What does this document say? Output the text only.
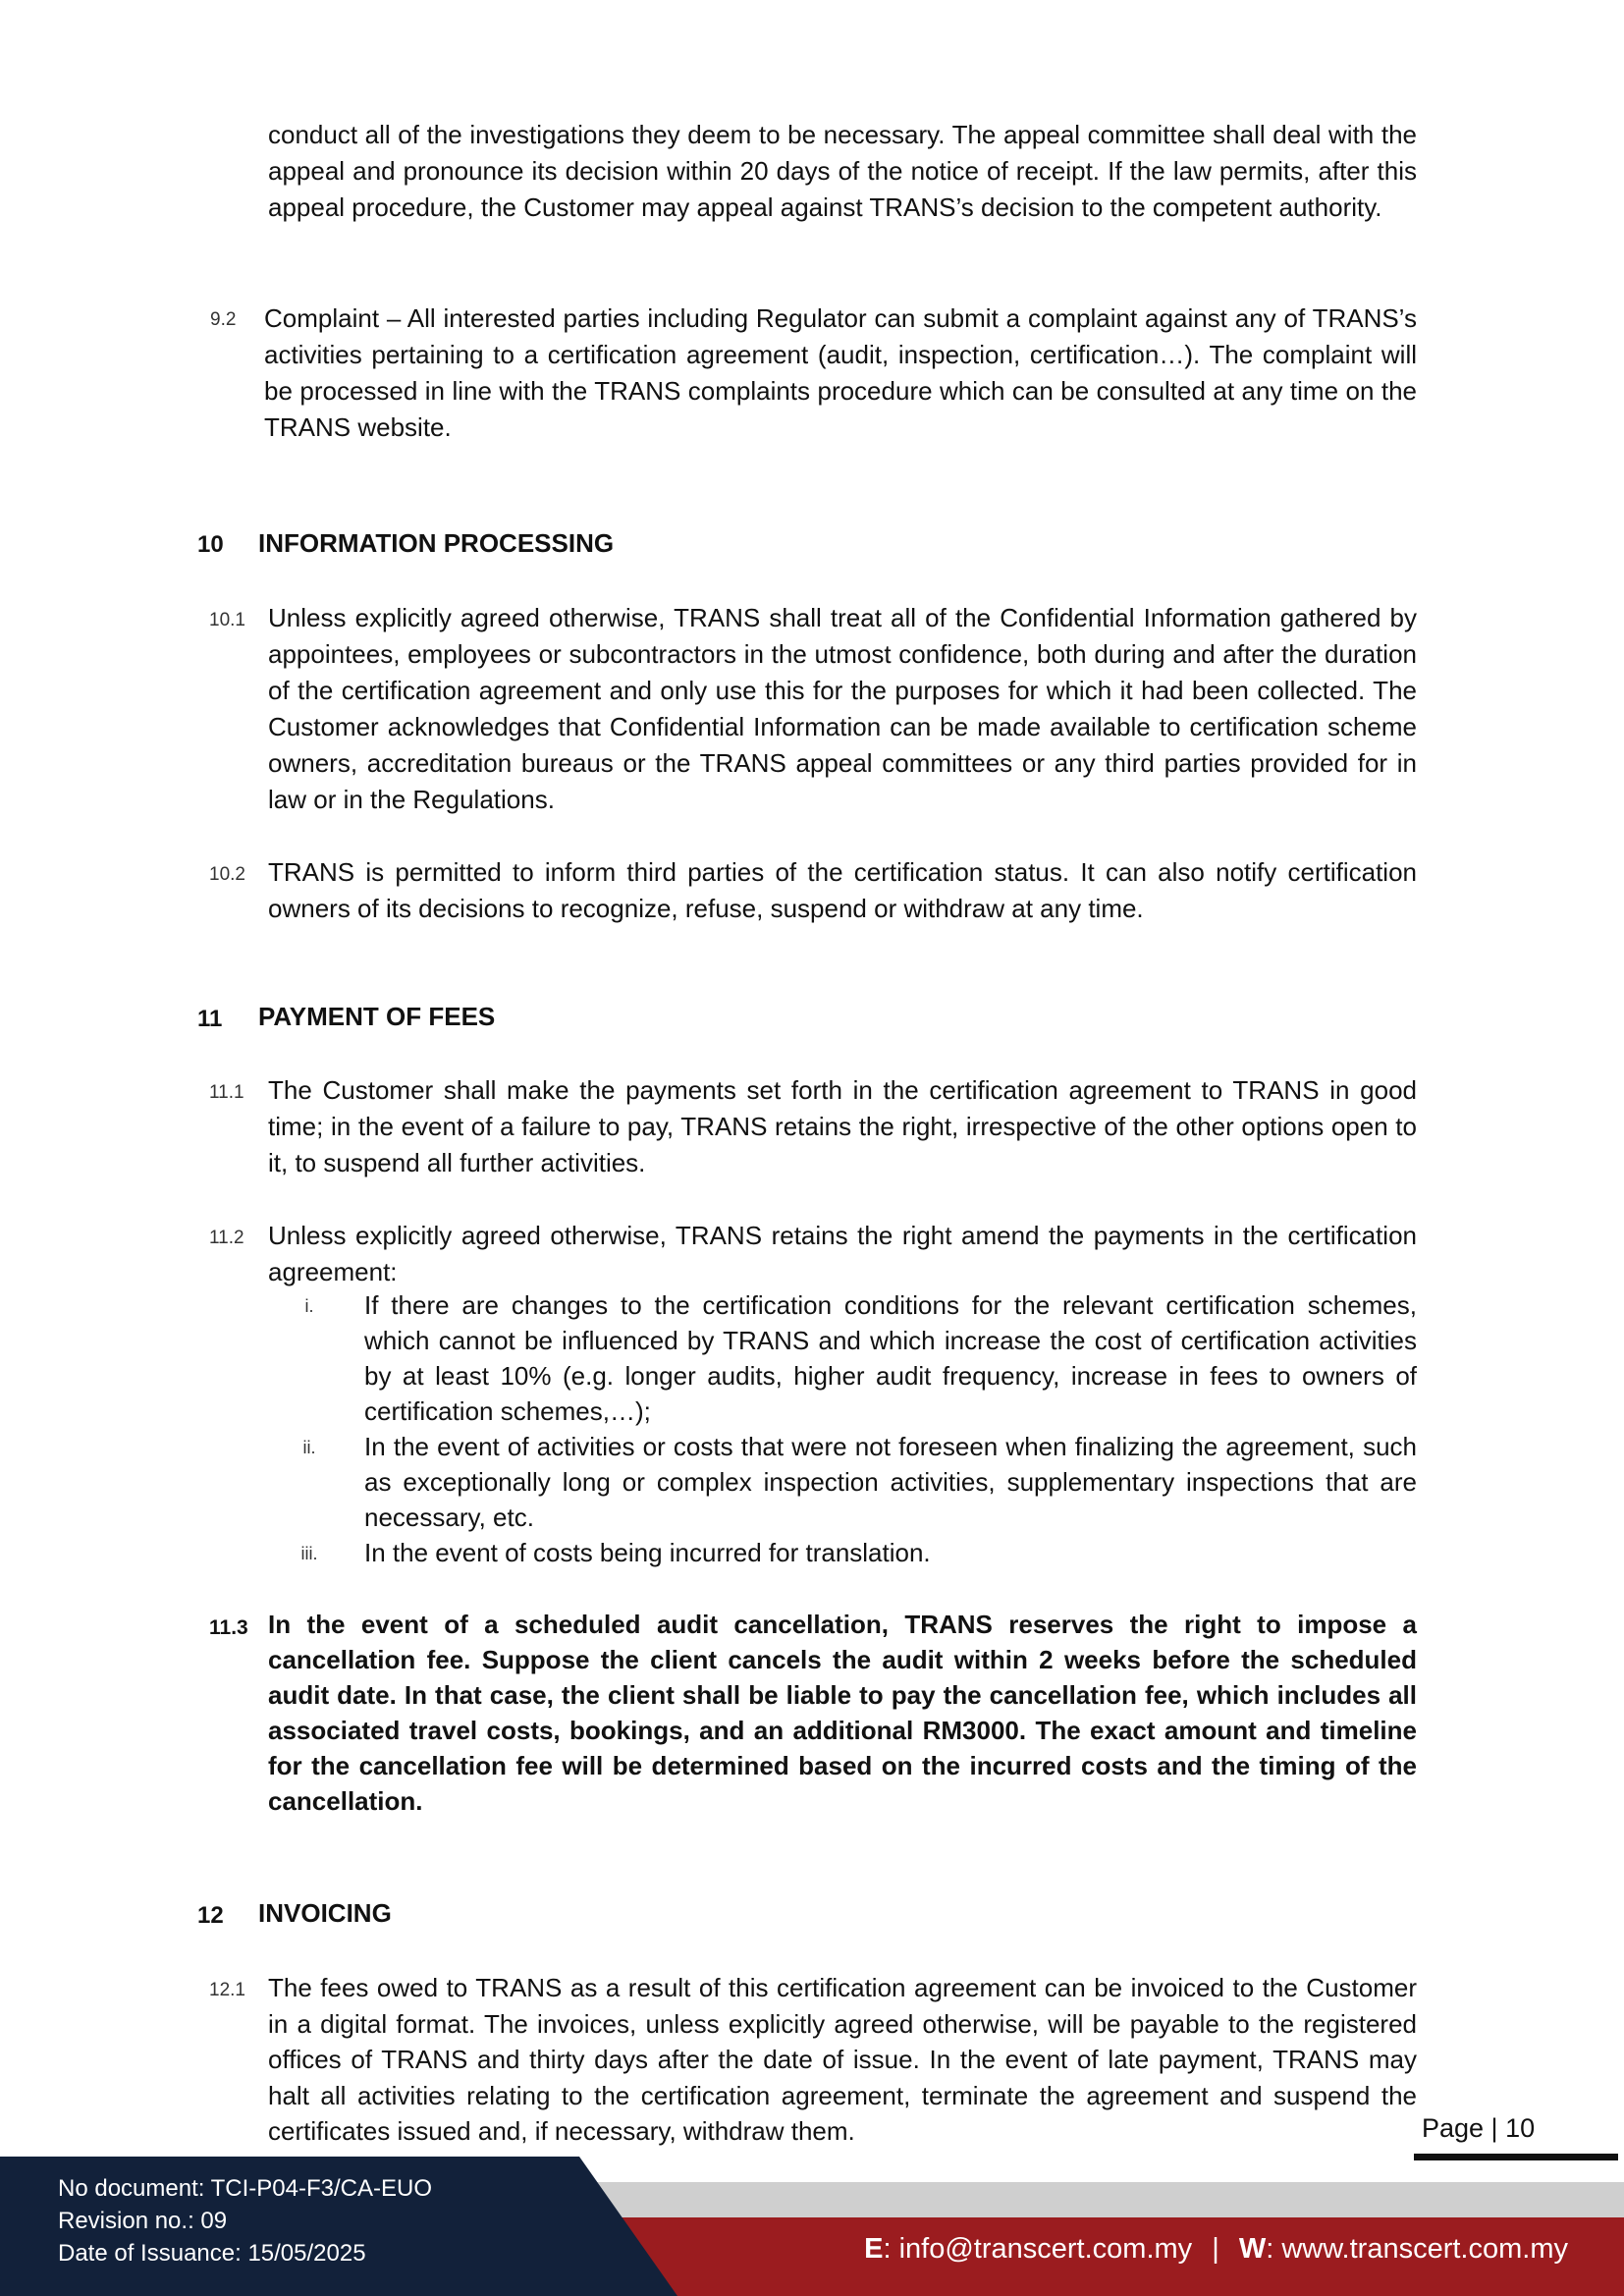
conduct all of the investigations they deem to be necessary. The appeal committee shall deal with the appeal and pronounce its decision within 20 days of the notice of receipt. If the law permits, after this appeal procedure, the Customer may appeal against TRANS’s decision to the competent authority.
9.2 Complaint – All interested parties including Regulator can submit a complaint against any of TRANS’s activities pertaining to a certification agreement (audit, inspection, certification…). The complaint will be processed in line with the TRANS complaints procedure which can be consulted at any time on the TRANS website.
10 INFORMATION PROCESSING
10.1 Unless explicitly agreed otherwise, TRANS shall treat all of the Confidential Information gathered by appointees, employees or subcontractors in the utmost confidence, both during and after the duration of the certification agreement and only use this for the purposes for which it had been collected. The Customer acknowledges that Confidential Information can be made available to certification scheme owners, accreditation bureaus or the TRANS appeal committees or any third parties provided for in law or in the Regulations.
10.2 TRANS is permitted to inform third parties of the certification status. It can also notify certification owners of its decisions to recognize, refuse, suspend or withdraw at any time.
11 PAYMENT OF FEES
11.1 The Customer shall make the payments set forth in the certification agreement to TRANS in good time; in the event of a failure to pay, TRANS retains the right, irrespective of the other options open to it, to suspend all further activities.
11.2 Unless explicitly agreed otherwise, TRANS retains the right amend the payments in the certification agreement:
i.	If there are changes to the certification conditions for the relevant certification schemes, which cannot be influenced by TRANS and which increase the cost of certification activities by at least 10% (e.g. longer audits, higher audit frequency, increase in fees to owners of certification schemes,…);
ii.	In the event of activities or costs that were not foreseen when finalizing the agreement, such as exceptionally long or complex inspection activities, supplementary inspections that are necessary, etc.
iii. In the event of costs being incurred for translation.
11.3 In the event of a scheduled audit cancellation, TRANS reserves the right to impose a cancellation fee. Suppose the client cancels the audit within 2 weeks before the scheduled audit date. In that case, the client shall be liable to pay the cancellation fee, which includes all associated travel costs, bookings, and an additional RM3000. The exact amount and timeline for the cancellation fee will be determined based on the incurred costs and the timing of the cancellation.
12 INVOICING
12.1 The fees owed to TRANS as a result of this certification agreement can be invoiced to the Customer in a digital format. The invoices, unless explicitly agreed otherwise, will be payable to the registered offices of TRANS and thirty days after the date of issue. In the event of late payment, TRANS may halt all activities relating to the certification agreement, terminate the agreement and suspend the certificates issued and, if necessary, withdraw them.	Page | 10
No document: TCI-P04-F3/CA-EUO
Revision no.: 09
Date of Issuance: 15/05/2025	E: info@transcert.com.my | W: www.transcert.com.my
